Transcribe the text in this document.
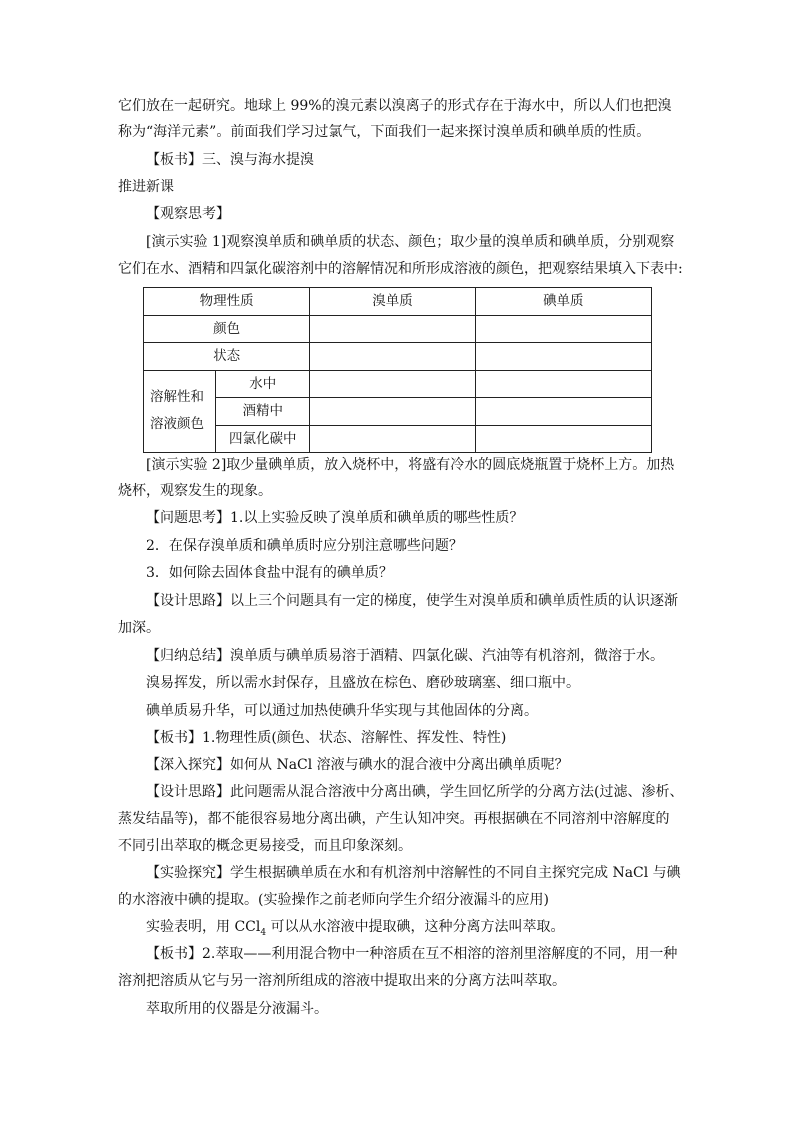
它们放在一起研究。地球上 99%的溴元素以溴离子的形式存在于海水中，所以人们也把溴

称为“海洋元素”。前面我们学习过氯气，下面我们一起来探讨溴单质和碘单质的性质。

【板书】三、溴与海水提溴

推进新课

【观察思考】

[演示实验 1]观察溴单质和碘单质的状态、颜色；取少量的溴单质和碘单质，分别观察

它们在水、酒精和四氯化碳溶剂中的溶解情况和所形成溶液的颜色，把观察结果填入下表中:

物理性质		溴单质	碘单质
颜色			
状态			
溶解性和
溶液颜色	水中		
	酒精中		
	四氯化碳中		

[演示实验 2]取少量碘单质，放入烧杯中，将盛有冷水的圆底烧瓶置于烧杯上方。加热

烧杯，观察发生的现象。

【问题思考】1.以上实验反映了溴单质和碘单质的哪些性质？

2．在保存溴单质和碘单质时应分别注意哪些问题？

3．如何除去固体食盐中混有的碘单质？

【设计思路】以上三个问题具有一定的梯度，使学生对溴单质和碘单质性质的认识逐渐

加深。

【归纳总结】溴单质与碘单质易溶于酒精、四氯化碳、汽油等有机溶剂，微溶于水。

溴易挥发，所以需水封保存，且盛放在棕色、磨砂玻璃塞、细口瓶中。

碘单质易升华，可以通过加热使碘升华实现与其他固体的分离。

【板书】1.物理性质(颜色、状态、溶解性、挥发性、特性)

【深入探究】如何从 NaCl 溶液与碘水的混合液中分离出碘单质呢？

【设计思路】此问题需从混合溶液中分离出碘，学生回忆所学的分离方法(过滤、渗析、

蒸发结晶等)，都不能很容易地分离出碘，产生认知冲突。再根据碘在不同溶剂中溶解度的

不同引出萃取的概念更易接受，而且印象深刻。

【实验探究】学生根据碘单质在水和有机溶剂中溶解性的不同自主探究完成 NaCl 与碘

的水溶液中碘的提取。(实验操作之前老师向学生介绍分液漏斗的应用)

实验表明，用 CCl$_4$ 可以从水溶液中提取碘，这种分离方法叫萃取。

【板书】2.萃取——利用混合物中一种溶质在互不相溶的溶剂里溶解度的不同，用一种

溶剂把溶质从它与另一溶剂所组成的溶液中提取出来的分离方法叫萃取。

萃取所用的仪器是分液漏斗。
